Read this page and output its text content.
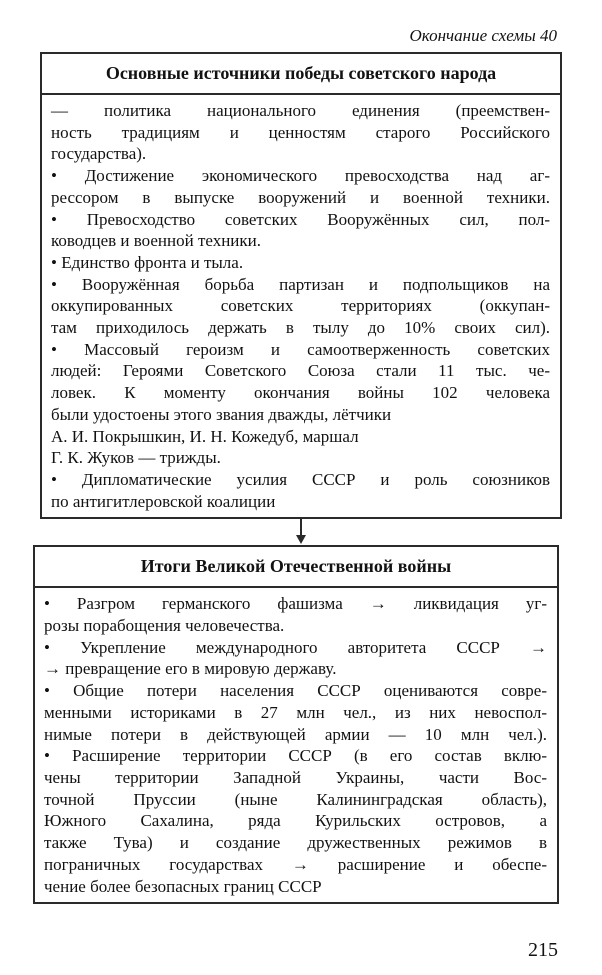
Окончание схемы 40
Основные источники победы советского народа
— политика национального единения (преемствен-
ность традициям и ценностям старого Российского
государства).
• Достижение экономического превосходства над аг-
рессором в выпуске вооружений и военной техники.
• Превосходство советских Вооружённых сил, пол-
ководцев и военной техники.
• Единство фронта и тыла.
• Вооружённая борьба партизан и подпольщиков на
оккупированных советских территориях (оккупан-
там приходилось держать в тылу до 10% своих сил).
• Массовый героизм и самоотверженность советских
людей: Героями Советского Союза стали 11 тыс. че-
ловек. К моменту окончания войны 102 человека
были удостоены этого звания дважды, лётчики
А. И. Покрышкин, И. Н. Кожедуб, маршал
Г. К. Жуков — трижды.
• Дипломатические усилия СССР и роль союзников
по антигитлеровской коалиции
Итоги Великой Отечественной войны
• Разгром германского фашизма → ликвидация уг-
розы порабощения человечества.
• Укрепление международного авторитета СССР →
→ превращение его в мировую державу.
• Общие потери населения СССР оцениваются совре-
менными историками в 27 млн чел., из них невоспол-
нимые потери в действующей армии — 10 млн чел.).
• Расширение территории СССР (в его состав вклю-
чены территории Западной Украины, части Вос-
точной Пруссии (ныне Калининградская область),
Южного Сахалина, ряда Курильских островов, а
также Тува) и создание дружественных режимов в
пограничных государствах → расширение и обеспе-
чение более безопасных границ СССР
215
